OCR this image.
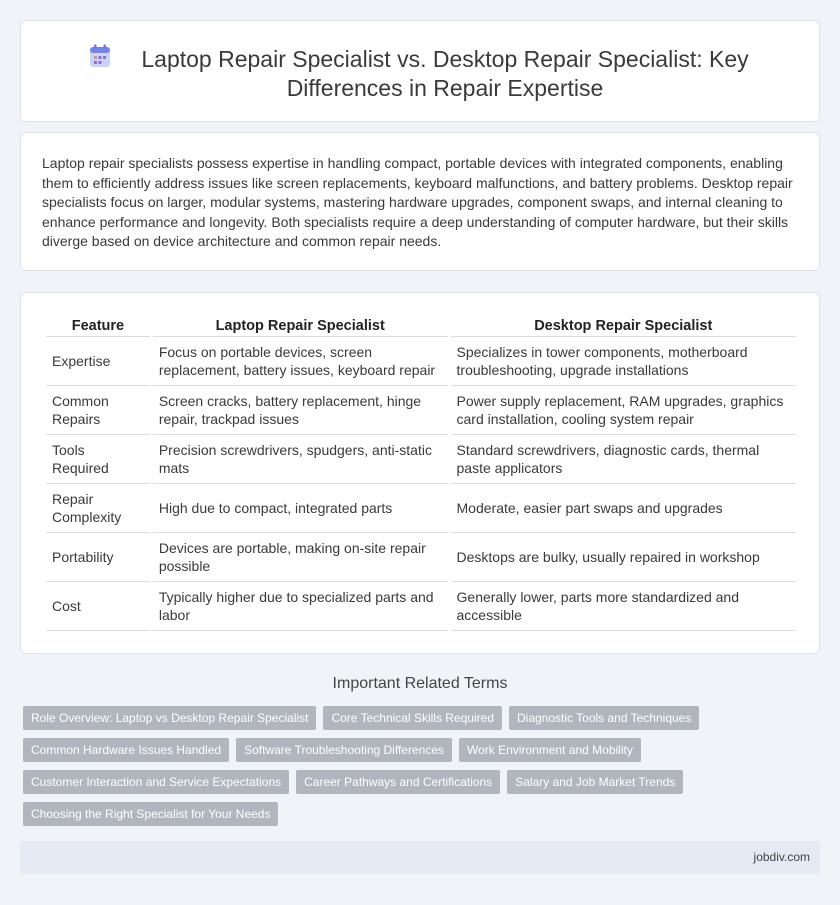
Laptop Repair Specialist vs. Desktop Repair Specialist: Key Differences in Repair Expertise

Laptop repair specialists possess expertise in handling compact, portable devices with integrated components, enabling them to efficiently address issues like screen replacements, keyboard malfunctions, and battery problems. Desktop repair specialists focus on larger, modular systems, mastering hardware upgrades, component swaps, and internal cleaning to enhance performance and longevity. Both specialists require a deep understanding of computer hardware, but their skills diverge based on device architecture and common repair needs.

Feature	Laptop Repair Specialist	Desktop Repair Specialist
Expertise	Focus on portable devices, screen replacement, battery issues, keyboard repair	Specializes in tower components, motherboard troubleshooting, upgrade installations
Common Repairs	Screen cracks, battery replacement, hinge repair, trackpad issues	Power supply replacement, RAM upgrades, graphics card installation, cooling system repair
Tools Required	Precision screwdrivers, spudgers, anti-static mats	Standard screwdrivers, diagnostic cards, thermal paste applicators
Repair Complexity	High due to compact, integrated parts	Moderate, easier part swaps and upgrades
Portability	Devices are portable, making on-site repair possible	Desktops are bulky, usually repaired in workshop
Cost	Typically higher due to specialized parts and labor	Generally lower, parts more standardized and accessible
Important Related Terms
Role Overview: Laptop vs Desktop Repair Specialist	Core Technical Skills Required	Diagnostic Tools and Techniques
Common Hardware Issues Handled	Software Troubleshooting Differences	Work Environment and Mobility
Customer Interaction and Service Expectations	Career Pathways and Certifications	Salary and Job Market Trends
Choosing the Right Specialist for Your Needs
jobdiv.com
